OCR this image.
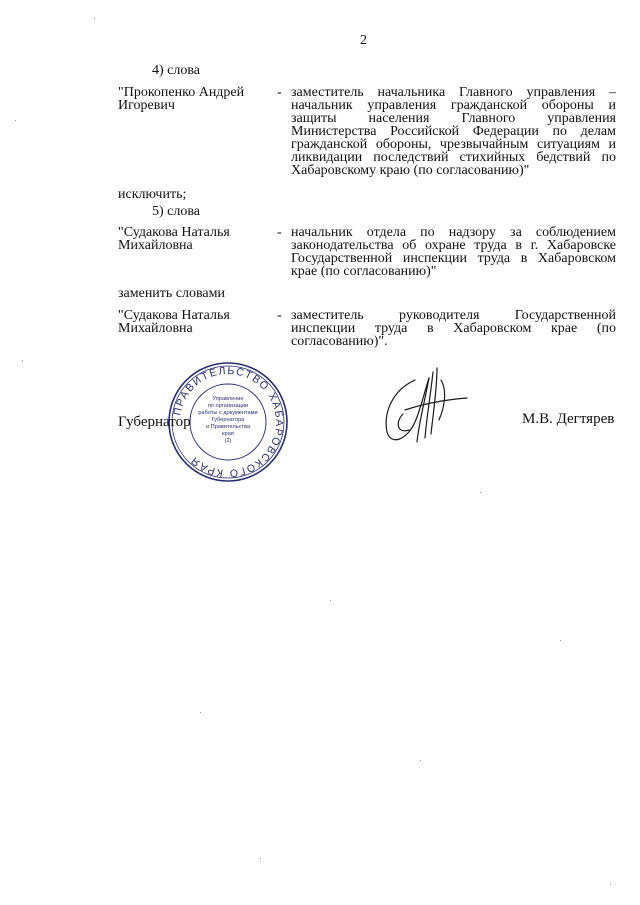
2
4) слова
"Прокопенко Андрей
Игоревич
- заместитель начальника Главного управления – начальник управления гражданской обороны и защиты населения Главного управления Министерства Российской Федерации по делам гражданской обороны, чрезвычайным ситуациям и ликвидации последствий стихийных бедствий по Хабаровскому краю (по согласованию)"
исключить;
5) слова
"Судакова Наталья
Михайловна
- начальник отдела по надзору за соблюдением законодательства об охране труда в г. Хабаровске Государственной инспекции труда в Хабаровском крае (по согласованию)"
заменить словами
"Судакова Наталья
Михайловна
- заместитель руководителя Государственной инспекции труда в Хабаровском крае (по согласованию)".
ПРАВИТЕЛЬСТВО ХАБАРОВСКОГО КРАЯ
Управление
по организации
работы с документами
Губернатора
и Правительства
края
(2)
Губернатор	М.В. Дегтярев
